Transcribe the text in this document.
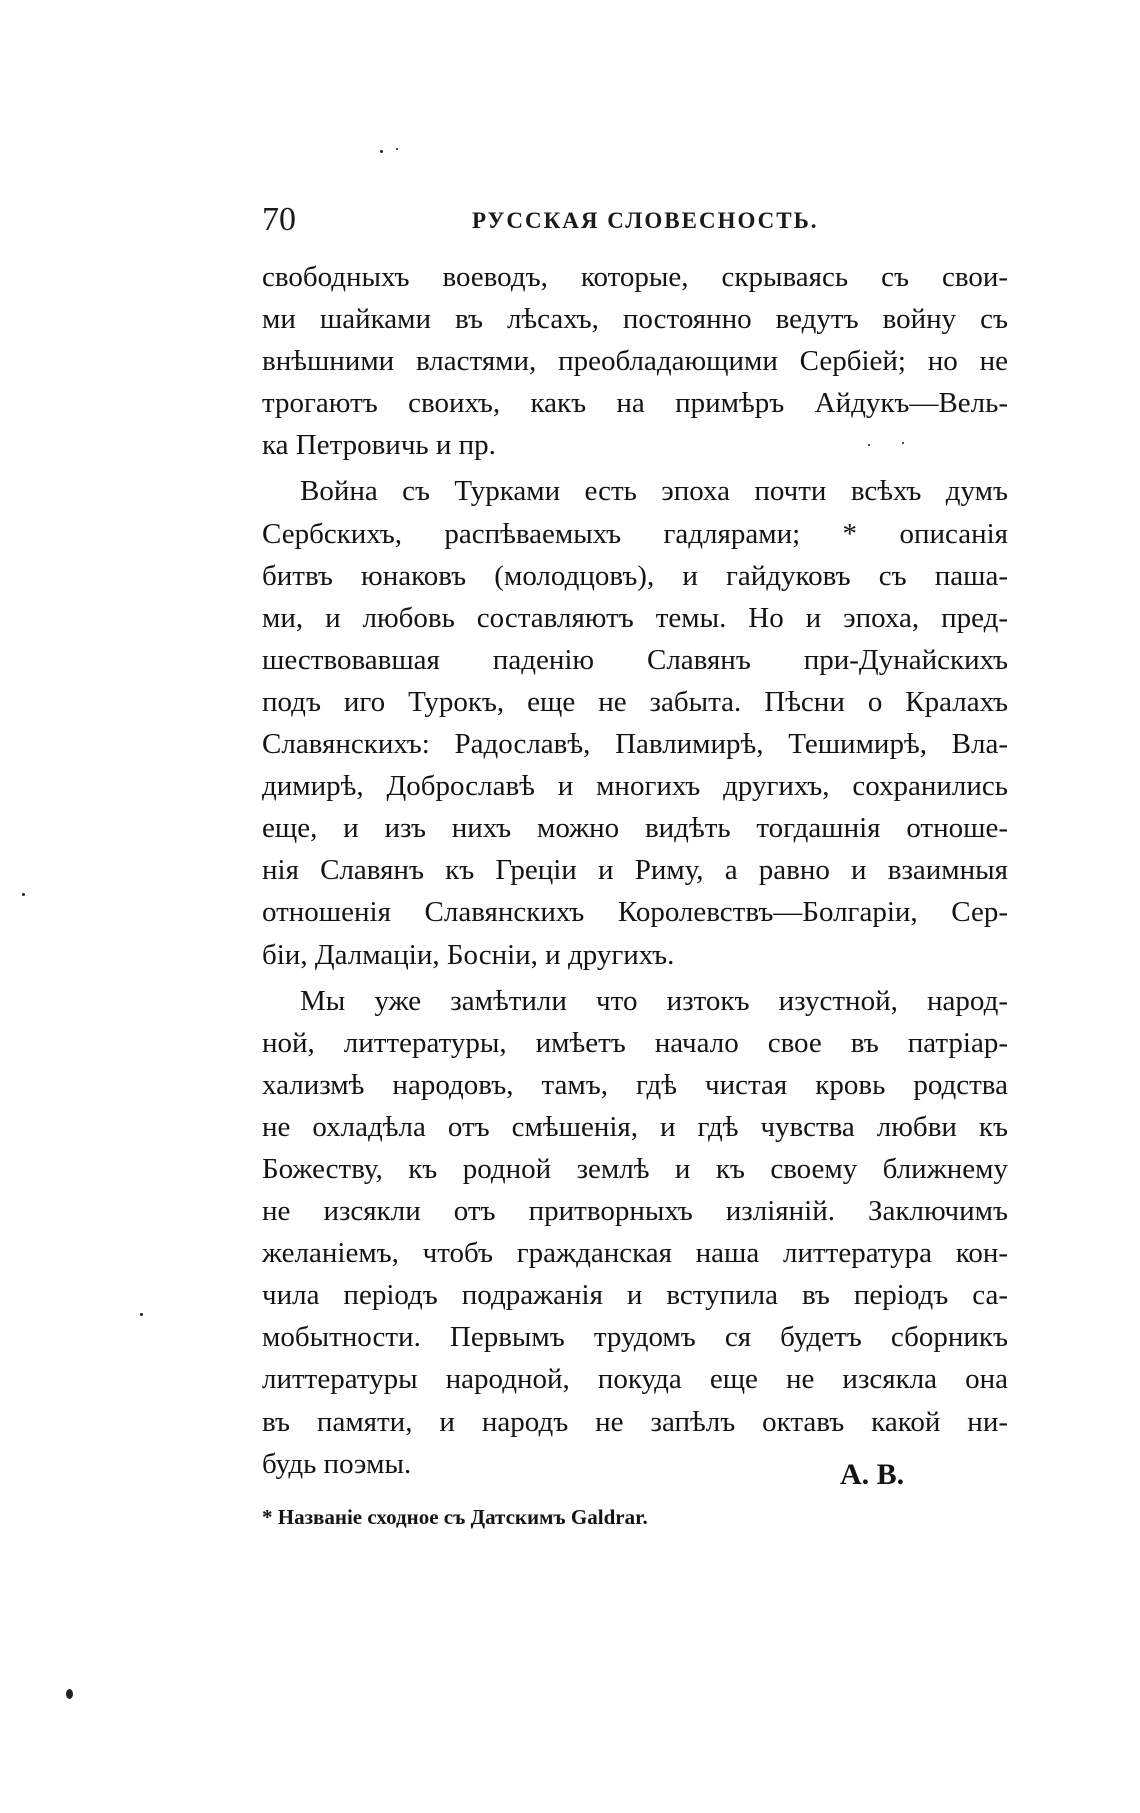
70	РУССКАЯ СЛОВЕСНОСТЬ.
свободныхъ воеводъ, которые, скрываясь съ свои-
ми шайками въ лѣсахъ, постоянно ведутъ войну съ
внѣшними властями, преобладающими Сербіей; но не
трогаютъ своихъ, какъ на примѣръ Айдукъ—Вель-
ка Петровичь и пр.
Война съ Турками есть эпоха почти всѣхъ думъ
Сербскихъ, распѣваемыхъ гадлярами; * описанія
битвъ юнаковъ (молодцовъ), и гайдуковъ съ паша-
ми, и любовь составляютъ темы. Но и эпоха, пред-
шествовавшая паденію Славянъ при-Дунайскихъ
подъ иго Турокъ, еще не забыта. Пѣсни о Кралахъ
Славянскихъ: Радославѣ, Павлимирѣ, Тешимирѣ, Вла-
димирѣ, Доброславѣ и многихъ другихъ, сохранились
еще, и изъ нихъ можно видѣть тогдашнія отноше-
нія Славянъ къ Греціи и Риму, а равно и взаимныя
отношенія Славянскихъ Королевствъ—Болгаріи, Сер-
біи, Далмаціи, Босніи, и другихъ.
Мы уже замѣтили что изтокъ изустной, народ-
ной, литтературы, имѣетъ начало свое въ патріар-
хализмѣ народовъ, тамъ, гдѣ чистая кровь родства
не охладѣла отъ смѣшенія, и гдѣ чувства любви къ
Божеству, къ родной землѣ и къ своему ближнему
не изсякли отъ притворныхъ излiяній. Заключимъ
желаніемъ, чтобъ гражданская наша литтература кон-
чила періодъ подражанія и вступила въ періодъ са-
мобытности. Первымъ трудомъ ся будетъ сборникъ
литтературы народной, покуда еще не изсякла она
въ памяти, и народъ не запѣлъ октавъ какой ни-
будь поэмы.	А. В.
* Названіе сходное съ Датскимъ Galdrar.
